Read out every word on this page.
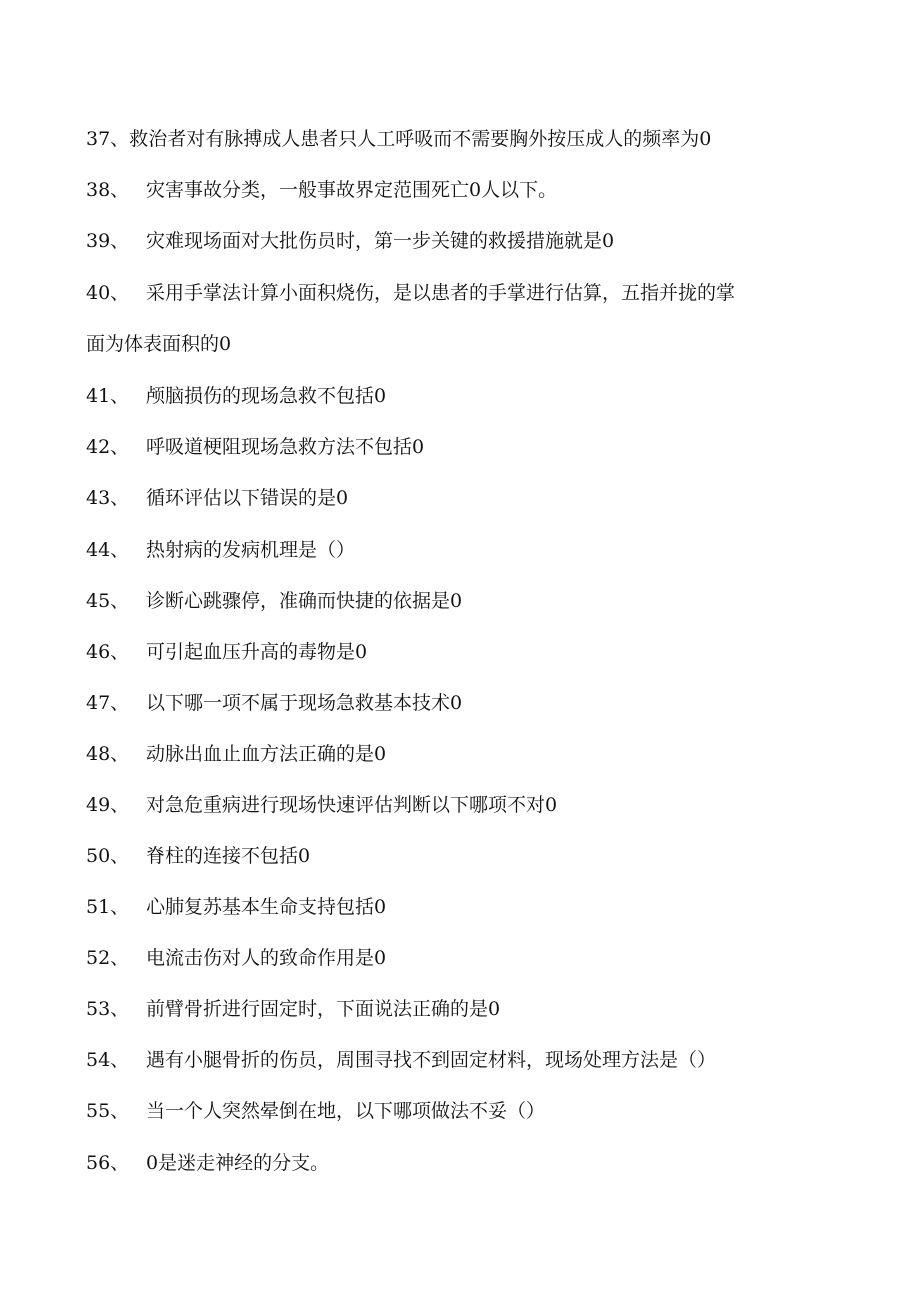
37、救治者对有脉搏成人患者只人工呼吸而不需要胸外按压成人的频率为0
38、 灾害事故分类，一般事故界定范围死亡0人以下。
39、 灾难现场面对大批伤员时，第一步关键的救援措施就是0
40、 采用手掌法计算小面积烧伤，是以患者的手掌进行估算，五指并拢的掌
面为体表面积的0
41、 颅脑损伤的现场急救不包括0
42、 呼吸道梗阻现场急救方法不包括0
43、 循环评估以下错误的是0
44、 热射病的发病机理是（）
45、 诊断心跳骤停，准确而快捷的依据是0
46、 可引起血压升高的毒物是0
47、 以下哪一项不属于现场急救基本技术0
48、 动脉出血止血方法正确的是0
49、 对急危重病进行现场快速评估判断以下哪项不对0
50、 脊柱的连接不包括0
51、 心肺复苏基本生命支持包括0
52、 电流击伤对人的致命作用是0
53、 前臂骨折进行固定时，下面说法正确的是0
54、 遇有小腿骨折的伤员，周围寻找不到固定材料，现场处理方法是（）
55、 当一个人突然晕倒在地，以下哪项做法不妥（）
56、 0是迷走神经的分支。
